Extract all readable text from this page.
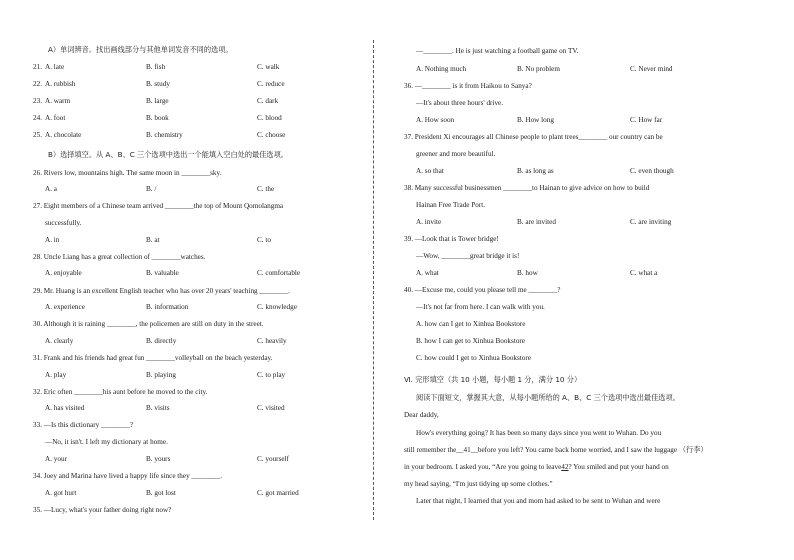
A）单词辨音。找出画线部分与其他单词发音不同的选项。
21. A. late	B. fish	C. walk
22. A. rubbish	B. study	C. reduce
23. A. warm	B. large	C. dark
24. A. foot	B. book	C. blood
25. A. chocolate	B. chemistry	C. choose
B）选择填空。从 A、B、C 三个选项中选出一个能填入空白处的最佳选项。
26. Rivers low, mountains high. The same moon in ________sky.
A. a	B. /	C. the
27. Eight members of a Chinese team arrived ________the top of Mount Qomolangma
successfully.
A. in	B. at	C. to
28. Uncle Liang has a great collection of ________watches.
A. enjoyable	B. valuable	C. comfortable
29. Mr. Huang is an excellent English teacher who has over 20 years' teaching ________.
A. experience	B. information	C. knowledge
30. Although it is raining ________, the policemen are still on duty in the street.
A. clearly	B. directly	C. heavily
31. Frank and his friends had great fun ________volleyball on the beach yesterday.
A. play	B. playing	C. to play
32. Eric often ________his aunt before he moved to the city.
A. has visited	B. visits	C. visited
33. —Is this dictionary ________?
—No, it isn't. I left my dictionary at home.
A. your	B. yours	C. yourself
34. Joey and Marina have lived a happy life since they ________.
A. got hurt	B. got lost	C. got married
35. —Lucy, what's your father doing right now?
—________. He is just watching a football game on TV.
A. Nothing much	B. No problem	C. Never mind
36. —________ is it from Haikou to Sanya?
—It's about three hours' drive.
A. How soon	B. How long	C. How far
37. President Xi encourages all Chinese people to plant trees________ our country can be
greener and more beautiful.
A. so that	B. as long as	C. even though
38. Many successful businessmen ________to Hainan to give advice on how to build
Hainan Free Trade Port.
A. invite	B. are invited	C. are inviting
39. —Look that is Tower bridge!
—Wow, ________great bridge it is!
A. what	B. how	C. what a
40. —Excuse me, could you please tell me ________?
—It's not far from here. I can walk with you.
A. how can I get to Xinhua Bookstore
B. how I can get to Xinhua Bookstore
C. how could I get to Xinhua Bookstore
Ⅵ. 完形填空（共 10 小题，每小题 1 分，满分 10 分）
阅读下面短文，掌握其大意，从每小题所给的 A、B、C 三个选项中选出最佳选项。
Dear daddy,
How's everything going? It has been so many days since you went to Wuhan. Do you
still remember the__41__before you left? You came back home worried, and I saw the luggage （行李）
in your bedroom. I asked you, “Are you going to leave42? You smiled and put your hand on
my head saying, “I'm just tidying up some clothes.”
Later that night, I learned that you and mom had asked to be sent to Wuhan and were
